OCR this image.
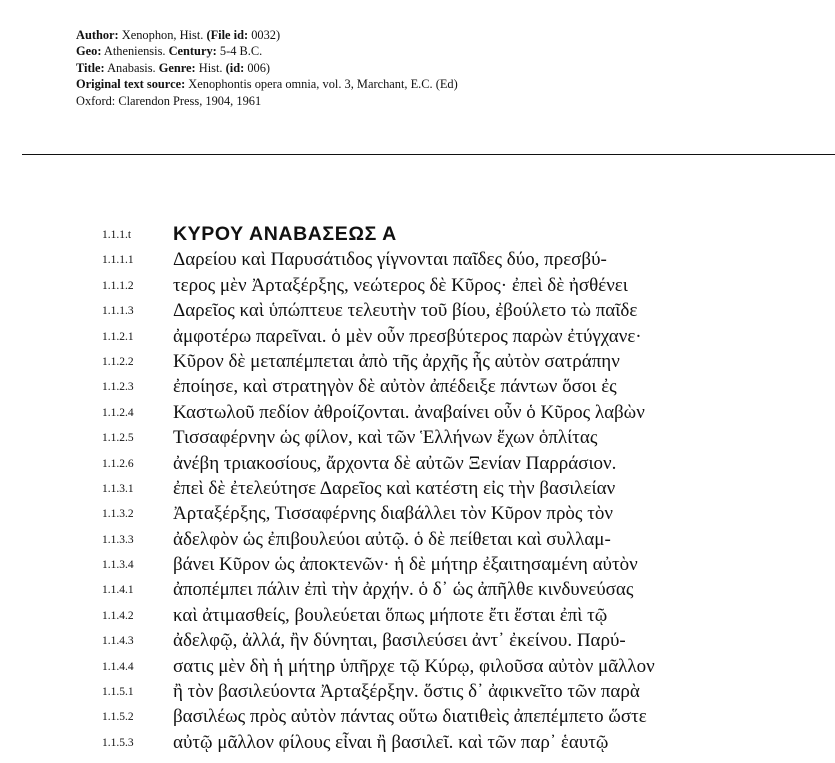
Author: Xenophon, Hist. (File id: 0032)
Geo: Atheniensis. Century: 5-4 B.C.
Title: Anabasis. Genre: Hist. (id: 006)
Original text source: Xenophontis opera omnia, vol. 3, Marchant, E.C. (Ed)
Oxford: Clarendon Press, 1904, 1961
1.1.1.t ΚΥΡΟΥ ΑΝΑΒΑΣΕΩΣ Α
1.1.1.1 Δαρείου καὶ Παρυσάτιδος γίγνονται παῖδες δύο, πρεσβύ-
1.1.1.2 τερος μὲν Ἀρταξέρξης, νεώτερος δὲ Κῦρος· ἐπεὶ δὲ ἠσθένει
1.1.1.3 Δαρεῖος καὶ ὑπώπτευε τελευτὴν τοῦ βίου, ἐβούλετο τὼ παῖδε
1.1.2.1 ἀμφοτέρω παρεῖναι. ὁ μὲν οὖν πρεσβύτερος παρὼν ἐτύγχανε·
1.1.2.2 Κῦρον δὲ μεταπέμπεται ἀπὸ τῆς ἀρχῆς ἧς αὐτὸν σατράπην
1.1.2.3 ἐποίησε, καὶ στρατηγὸν δὲ αὐτὸν ἀπέδειξε πάντων ὅσοι ἐς
1.1.2.4 Καστωλοῦ πεδίον ἀθροίζονται. ἀναβαίνει οὖν ὁ Κῦρος λαβὼν
1.1.2.5 Τισσαφέρνην ὡς φίλον, καὶ τῶν Ἑλλήνων ἔχων ὁπλίτας
1.1.2.6 ἀνέβη τριακοσίους, ἄρχοντα δὲ αὐτῶν Ξενίαν Παρράσιον.
1.1.3.1 ἐπεὶ δὲ ἐτελεύτησε Δαρεῖος καὶ κατέστη εἰς τὴν βασιλείαν
1.1.3.2 Ἀρταξέρξης, Τισσαφέρνης διαβάλλει τὸν Κῦρον πρὸς τὸν
1.1.3.3 ἀδελφὸν ὡς ἐπιβουλεύοι αὐτῷ. ὁ δὲ πείθεται καὶ συλλαμ-
1.1.3.4 βάνει Κῦρον ὡς ἀποκτενῶν· ἡ δὲ μήτηρ ἐξαιτησαμένη αὐτὸν
1.1.4.1 ἀποπέμπει πάλιν ἐπὶ τὴν ἀρχήν. ὁ δ᾽ ὡς ἀπῆλθε κινδυνεύσας
1.1.4.2 καὶ ἀτιμασθείς, βουλεύεται ὅπως μήποτε ἔτι ἔσται ἐπὶ τῷ
1.1.4.3 ἀδελφῷ, ἀλλά, ἢν δύνηται, βασιλεύσει ἀντ᾽ ἐκείνου. Παρύ-
1.1.4.4 σατις μὲν δὴ ἡ μήτηρ ὑπῆρχε τῷ Κύρῳ, φιλοῦσα αὐτὸν μᾶλλον
1.1.5.1 ἢ τὸν βασιλεύοντα Ἀρταξέρξην. ὅστις δ᾽ ἀφικνεῖτο τῶν παρὰ
1.1.5.2 βασιλέως πρὸς αὐτὸν πάντας οὕτω διατιθεὶς ἀπεπέμπετο ὥστε
1.1.5.3 αὐτῷ μᾶλλον φίλους εἶναι ἢ βασιλεῖ. καὶ τῶν παρ᾽ ἑαυτῷ
